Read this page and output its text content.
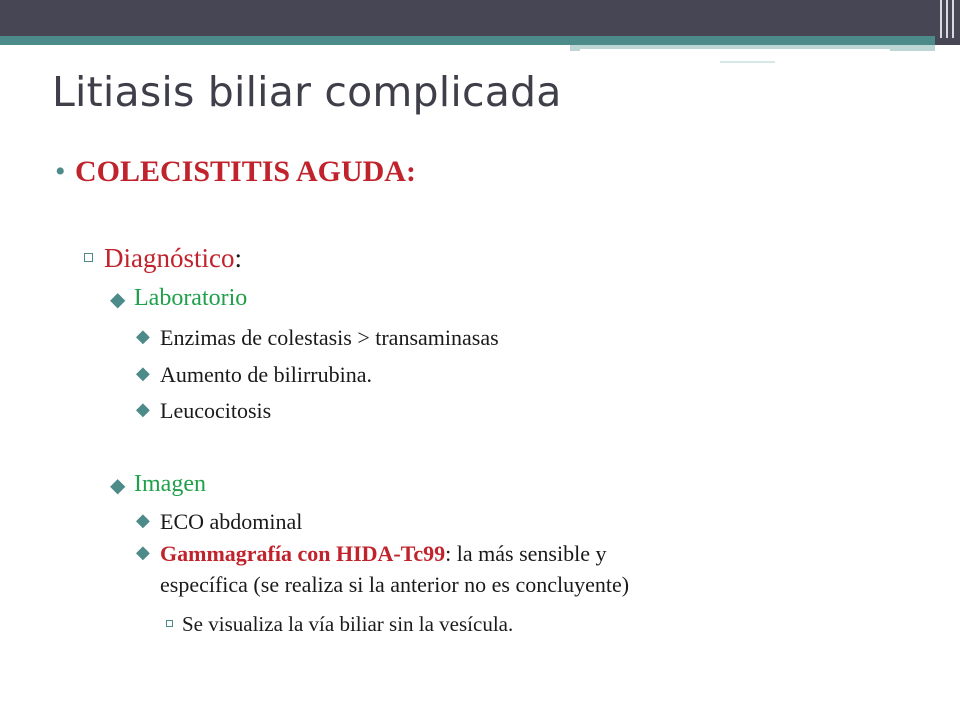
Litiasis biliar complicada
• COLECISTITIS AGUDA:
Diagnóstico:
◆ Laboratorio
◆ Enzimas de colestasis > transaminasas
◆ Aumento de bilirrubina.
◆ Leucocitosis
◆ Imagen
◆ ECO abdominal
◆ Gammagrafía con HIDA-Tc99: la más sensible y
específica (se realiza si la anterior no es concluyente)
Se visualiza la vía biliar sin la vesícula.
